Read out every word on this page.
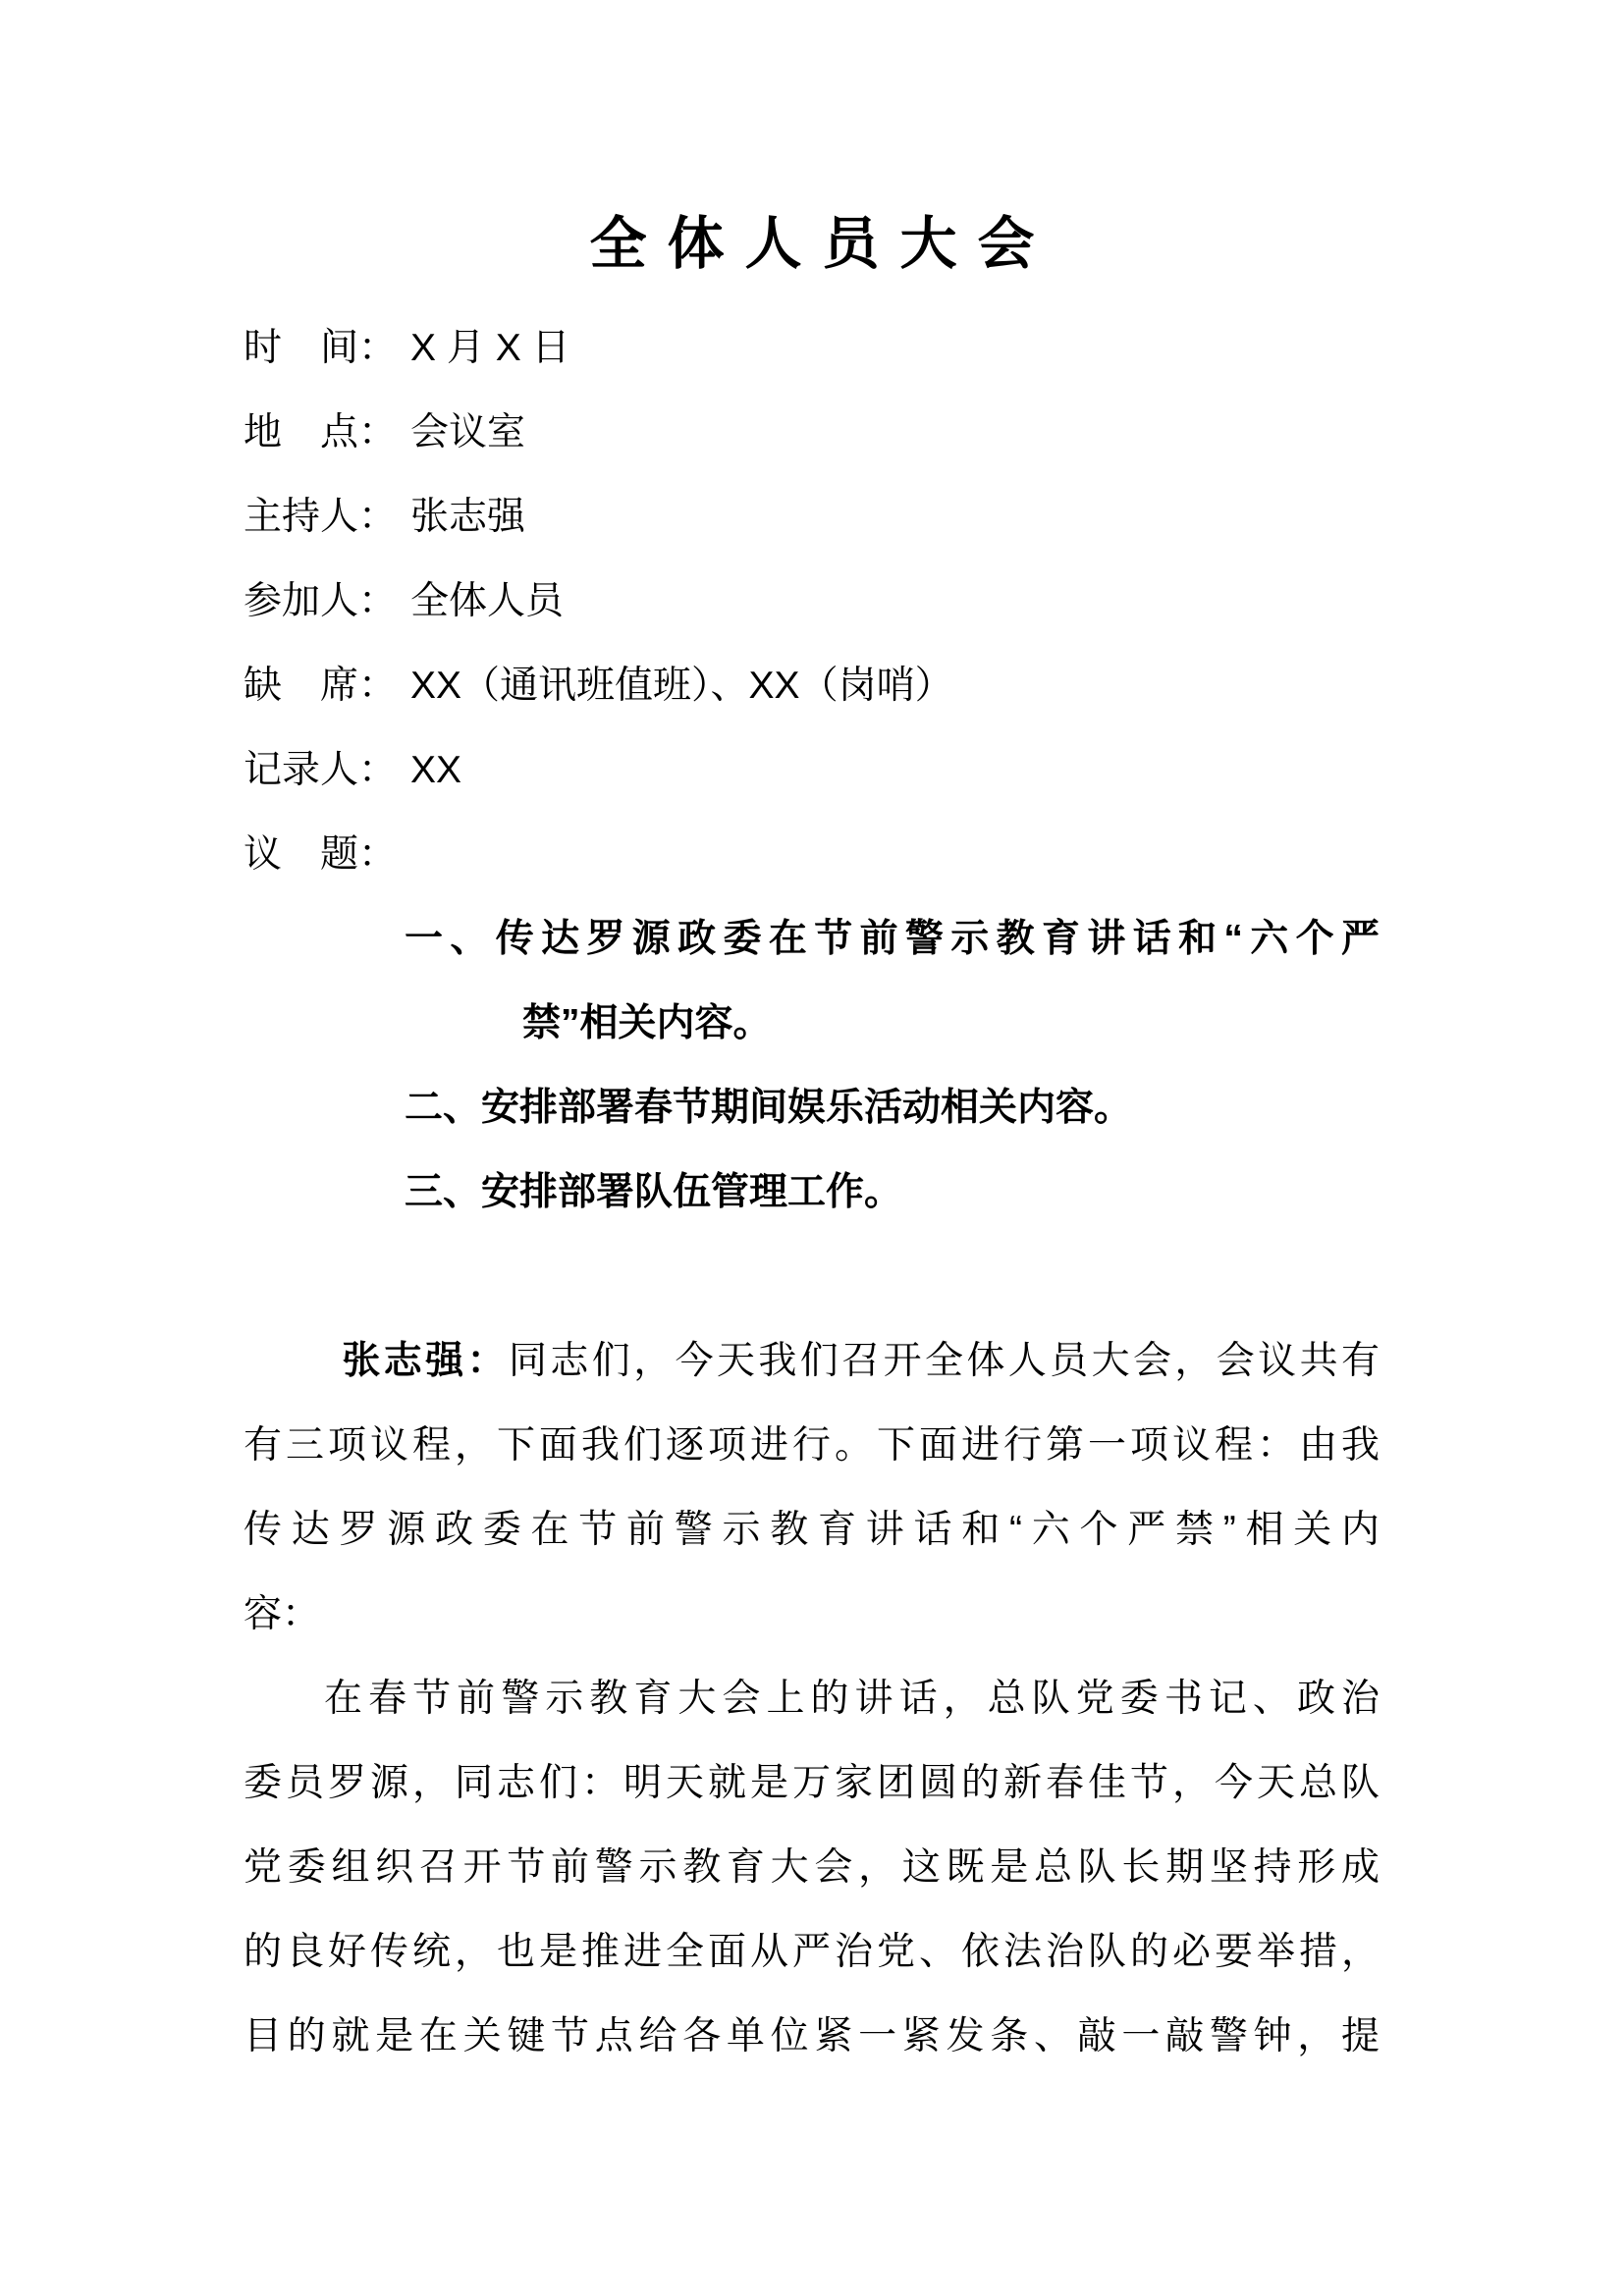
全体人员大会
时　间： X 月 X 日
地　点： 会议室
主持人： 张志强
参加人： 全体人员
缺　席： XX（通讯班值班）、XX（岗哨）
记录人： XX
议　题：
一、传达罗源政委在节前警示教育讲话和“六个严
禁”相关内容。
二、安排部署春节期间娱乐活动相关内容。
三、安排部署队伍管理工作。
张志强：同志们，今天我们召开全体人员大会，会议共有
有三项议程，下面我们逐项进行。下面进行第一项议程：由我
传达罗源政委在节前警示教育讲话和“六个严禁”相关内
容：
在春节前警示教育大会上的讲话，总队党委书记、政治
委员罗源，同志们：明天就是万家团圆的新春佳节，今天总队
党委组织召开节前警示教育大会，这既是总队长期坚持形成
的良好传统，也是推进全面从严治党、依法治队的必要举措，
目的就是在关键节点给各单位紧一紧发条、敲一敲警钟，提
